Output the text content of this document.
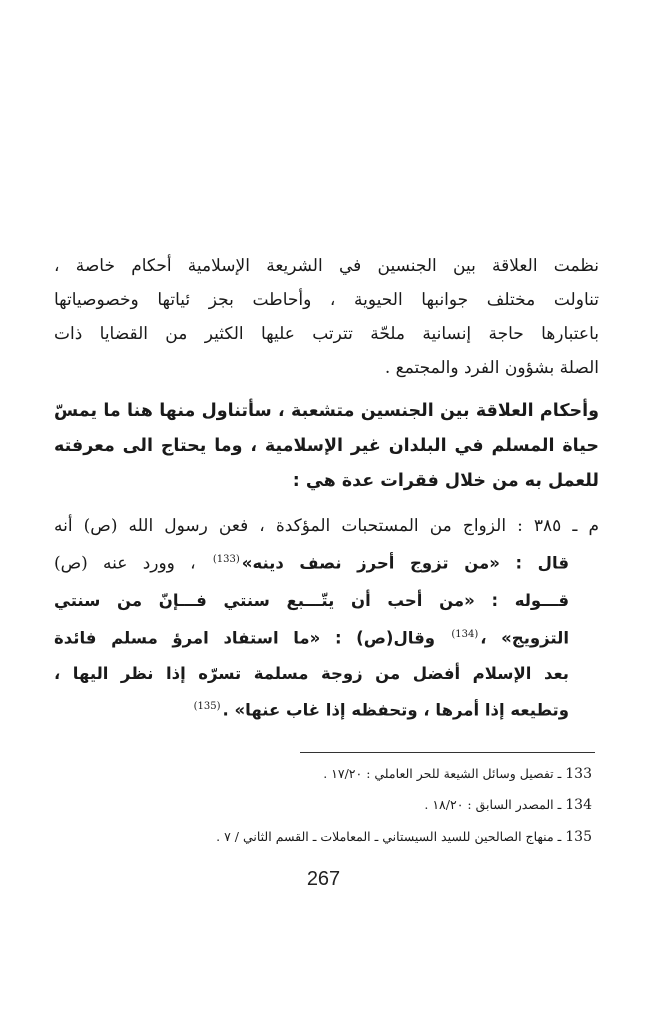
نظمت العلاقة بين الجنسين في الشريعة الإسلامية أحكام خاصة ،
تناولت مختلف جوانبها الحيوية ، وأحاطت بجز ئياتها وخصوصياتها
باعتبارها حاجة إنسانية ملحّة تترتب عليها الكثير من القضايا ذات
الصلة بشؤون الفرد والمجتمع .
وأحكام العلاقة بين الجنسين متشعبة ، سأتناول منها هنا ما يمسّ
حياة المسلم في البلدان غير الإسلامية ، وما يحتاج الى معرفته
للعمل به من خلال فقرات عدة هي :
م ـ ٣٨٥ : الزواج من المستحبات المؤكدة ، فعن رسول الله (ص) أنه
قال : «من تزوج أحرز نصف دينه»$^{(133)}$ ، وورد عنه (ص)
قـــوله : «من أحب أن يتّـــبع سنتي فـــإنّ من سنتي
التزويج» ،$^{(134)}$ وقال(ص) : «ما استفاد امرؤ مسلم فائدة
بعد الإسلام أفضل من زوجة مسلمة تسرّه إذا نظر اليها ،
وتطيعه إذا أمرها ، وتحفظه إذا غاب عنها» .$^{(135)}$
133 ـ تفصيل وسائل الشيعة للحر العاملي : ١٧/٢٠ .
134 ـ المصدر السابق : ١٨/٢٠ .
135 ـ منهاج الصالحين للسيد السيستاني ـ المعاملات ـ القسم الثاني / ٧ .
267
